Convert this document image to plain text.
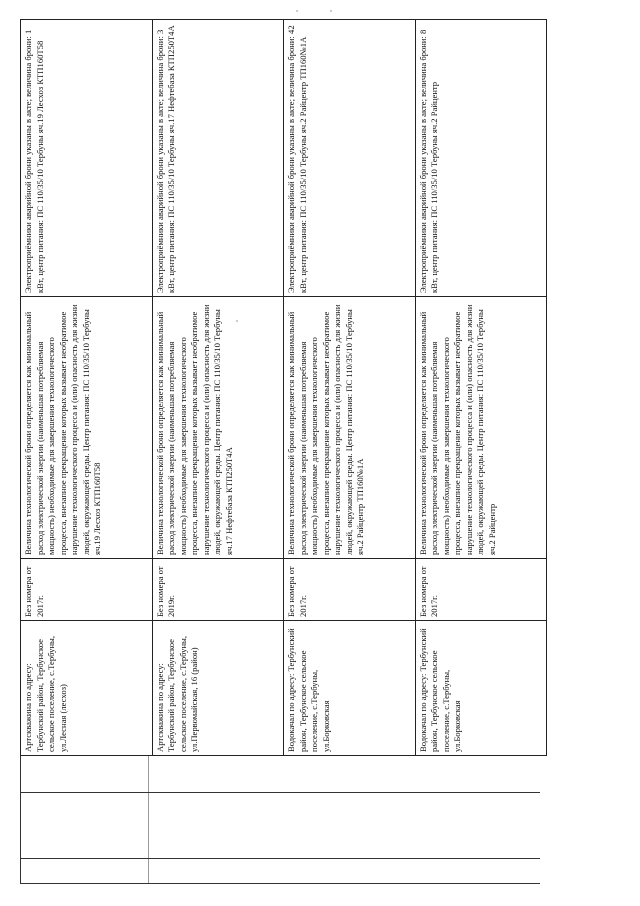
Артскважина по адресу: Тербунский район, Тербунское сельское поселение, с.Тербуны, ул.Лесная (лесхоз)	Без номера от 2017г.	Величина технологической брони определяется как минимальный расход электрической энергии (наименьшая потребляемая мощность) необходимые для завершения технологического процесса, внезапное прекращение которых вызывает необратимое нарушение технологического процесса и (или) опасность для жизни людей, окружающей среды. Центр питания: ПС 110/35/10 Тербуны яч.19 Лесхоз КТП160Т58	Электроприёмники аварийной брони указаны в акте; величина брони: 1 кВт, центр питания: ПС 110/35/10 Тербуны яч.19 Лесхоз КТП160Т58
Артскважина по адресу: Тербунский район, Тербунское сельское поселение, с.Тербуны, ул.Первомайская, 16 (район)	Без номера от 2019г.	Величина технологической брони определяется как минимальный расход электрической энергии (наименьшая потребляемая мощность) необходимые для завершения технологического процесса, внезапное прекращение которых вызывает необратимое нарушение технологического процесса и (или) опасность для жизни людей, окружающей среды. Центр питания: ПС 110/35/10 Тербуны яч.17 Нефтебаза КТП250Т4А	Электроприёмники аварийной брони указаны в акте; величина брони: 3 кВт, центр питания: ПС 110/35/10 Тербуны яч.17 Нефтебаза КТП250Т4А
Водокачал по адресу: Тербунский район, Тербунское сельское поселение, с.Тербуны, ул.Борковская	Без номера от 2017г.	Величина технологической брони определяется как минимальный расход электрической энергии (наименьшая потребляемая мощность) необходимые для завершения технологического процесса, внезапное прекращение которых вызывает необратимое нарушение технологического процесса и (или) опасность для жизни людей, окружающей среды. Центр питания: ПС 110/35/10 Тербуны яч.2 Райцентр ТП160№1А	Электроприёмники аварийной брони указаны в акте; величина брони: 42 кВт, центр питания: ПС 110/35/10 Тербуны яч.2 Райцентр ТП160№1А
Водокачал по адресу: Тербунский район, Тербунское сельское поселение, с.Тербуны, ул.Борковская	Без номера от 2017г.	Величина технологической брони определяется как минимальный расход электрической энергии (наименьшая потребляемая мощность) необходимые для завершения технологического процесса, внезапное прекращение которых вызывает необратимое нарушение технологического процесса и (или) опасность для жизни людей, окружающей среды. Центр питания: ПС 110/35/10 Тербуны яч.2 Райцентр	Электроприёмники аварийной брони указаны в акте; величина брони: 8 кВт, центр питания: ПС 110/35/10 Тербуны яч.2 Райцентр
